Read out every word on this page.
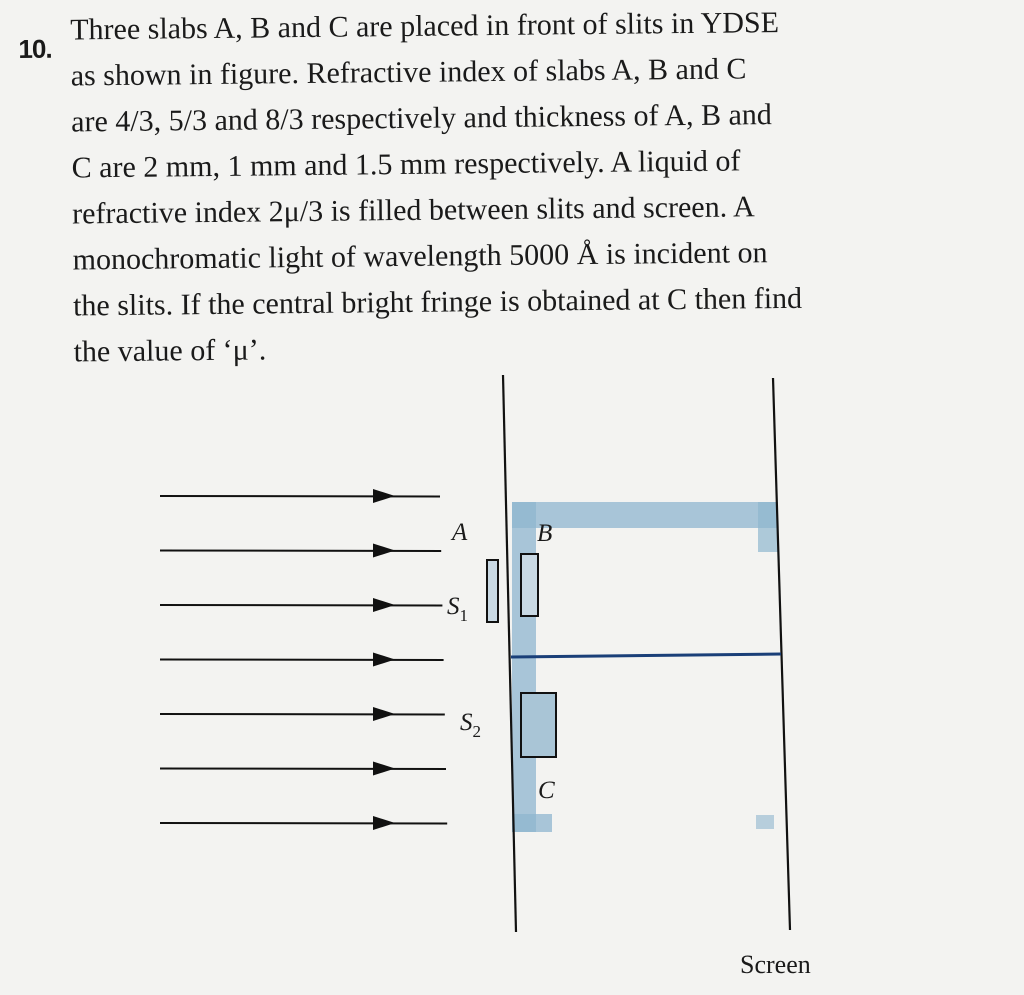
10.
Three slabs A, B and C are placed in front of slits in YDSE
as shown in figure. Refractive index of slabs A, B and C
are 4/3, 5/3 and 8/3 respectively and thickness of A, B and
C are 2 mm, 1 mm and 1.5 mm respectively. A liquid of
refractive index 2μ/3 is filled between slits and screen. A
monochromatic light of wavelength 5000 Å is incident on
the slits. If the central bright fringe is obtained at C then find
the value of ‘μ’.
A	B
C
$S_1$
$S_2$
Screen
